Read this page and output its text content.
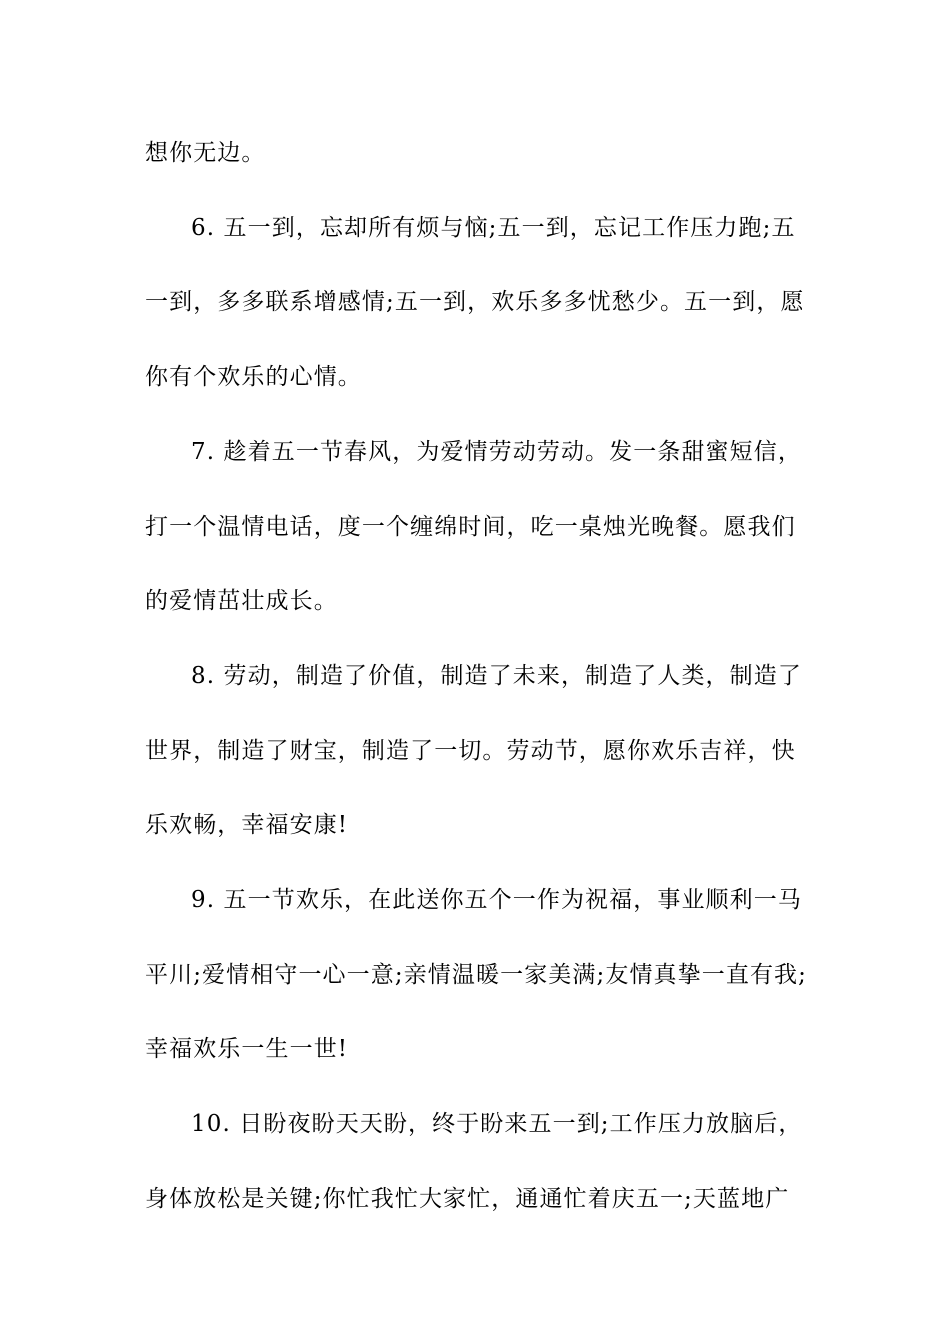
想你无边。
6. 五一到，忘却所有烦与恼;五一到，忘记工作压力跑;五
一到，多多联系增感情;五一到，欢乐多多忧愁少。五一到，愿
你有个欢乐的心情。
7. 趁着五一节春风，为爱情劳动劳动。发一条甜蜜短信，
打一个温情电话，度一个缠绵时间，吃一桌烛光晚餐。愿我们
的爱情茁壮成长。
8. 劳动，制造了价值，制造了未来，制造了人类，制造了
世界，制造了财宝，制造了一切。劳动节，愿你欢乐吉祥，快
乐欢畅，幸福安康!
9. 五一节欢乐，在此送你五个一作为祝福，事业顺利一马
平川;爱情相守一心一意;亲情温暖一家美满;友情真挚一直有我;
幸福欢乐一生一世!
10. 日盼夜盼天天盼，终于盼来五一到;工作压力放脑后，
身体放松是关键;你忙我忙大家忙，通通忙着庆五一;天蓝地广
